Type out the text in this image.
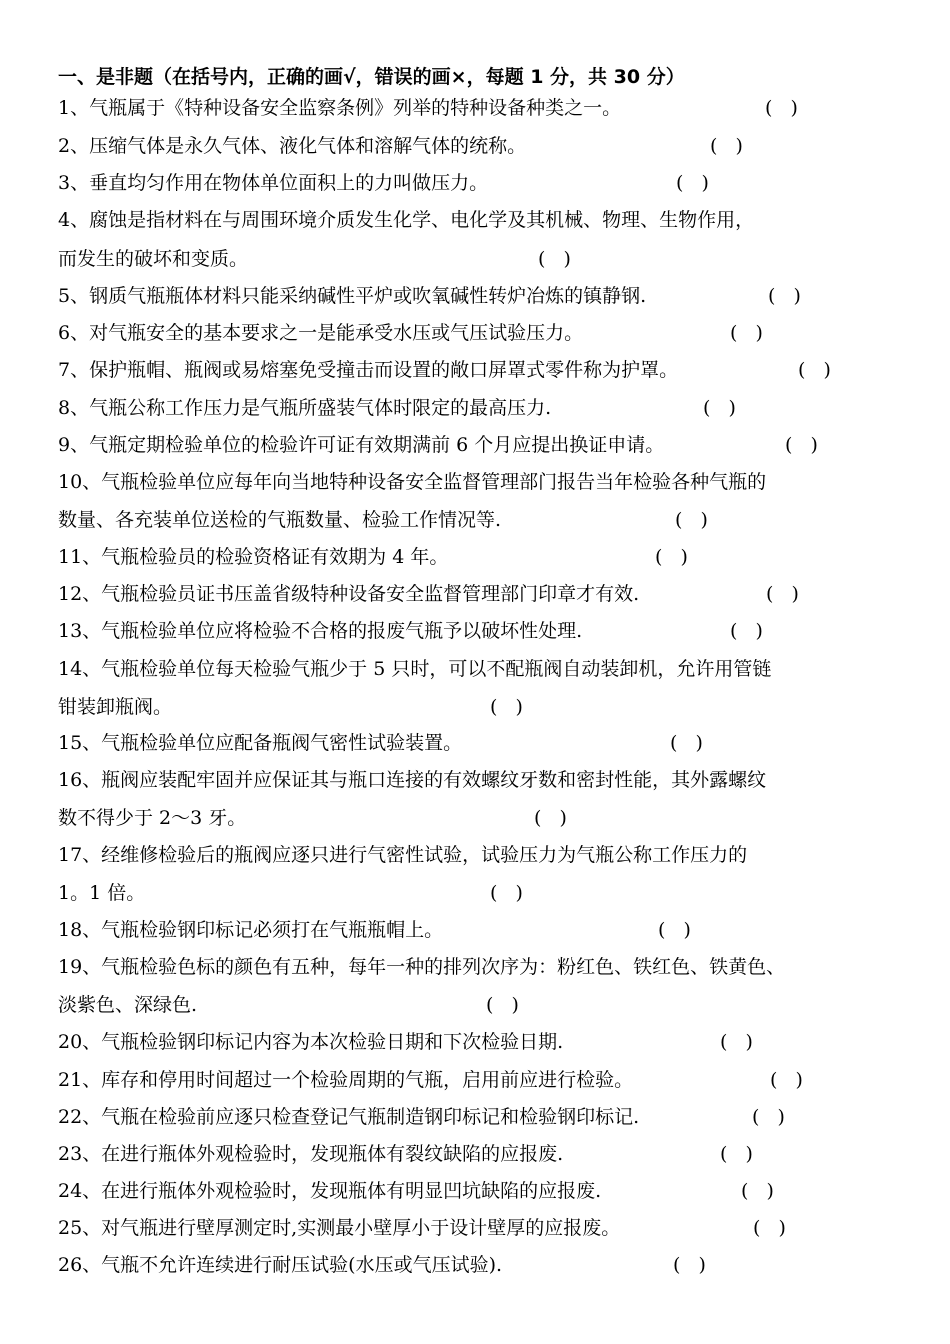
一、是非题（在括号内，正确的画√，错误的画×，每题 1 分，共 30 分）
1、气瓶属于《特种设备安全监察条例》列举的特种设备种类之一。	(   )
2、压缩气体是永久气体、液化气体和溶解气体的统称。	(   )
3、垂直均匀作用在物体单位面积上的力叫做压力。	(   )
4、腐蚀是指材料在与周围环境介质发生化学、电化学及其机械、物理、生物作用，
而发生的破坏和变质。	(   )
5、钢质气瓶瓶体材料只能采纳碱性平炉或吹氧碱性转炉冶炼的镇静钢.	(   )
6、对气瓶安全的基本要求之一是能承受水压或气压试验压力。	(   )
7、保护瓶帽、瓶阀或易熔塞免受撞击而设置的敞口屏罩式零件称为护罩。	(   )
8、气瓶公称工作压力是气瓶所盛装气体时限定的最高压力.	(   )
9、气瓶定期检验单位的检验许可证有效期满前 6 个月应提出换证申请。	(   )
10、气瓶检验单位应每年向当地特种设备安全监督管理部门报告当年检验各种气瓶的
数量、各充装单位送检的气瓶数量、检验工作情况等.	(   )
11、气瓶检验员的检验资格证有效期为 4 年。	(   )
12、气瓶检验员证书压盖省级特种设备安全监督管理部门印章才有效.	(   )
13、气瓶检验单位应将检验不合格的报废气瓶予以破坏性处理.	(   )
14、气瓶检验单位每天检验气瓶少于 5 只时，可以不配瓶阀自动装卸机，允许用管链
钳装卸瓶阀。	(   )
15、气瓶检验单位应配备瓶阀气密性试验装置。	(   )
16、瓶阀应装配牢固并应保证其与瓶口连接的有效螺纹牙数和密封性能，其外露螺纹
数不得少于 2～3 牙。	(   )
17、经维修检验后的瓶阀应逐只进行气密性试验，试验压力为气瓶公称工作压力的
1。1 倍。	(   )
18、气瓶检验钢印标记必须打在气瓶瓶帽上。	(   )
19、气瓶检验色标的颜色有五种，每年一种的排列次序为：粉红色、铁红色、铁黄色、
淡紫色、深绿色.	(   )
20、气瓶检验钢印标记内容为本次检验日期和下次检验日期.	(   )
21、库存和停用时间超过一个检验周期的气瓶，启用前应进行检验。	(   )
22、气瓶在检验前应逐只检查登记气瓶制造钢印标记和检验钢印标记.	(   )
23、在进行瓶体外观检验时，发现瓶体有裂纹缺陷的应报废.	(   )
24、在进行瓶体外观检验时，发现瓶体有明显凹坑缺陷的应报废.	(   )
25、对气瓶进行壁厚测定时,实测最小壁厚小于设计壁厚的应报废。	(   )
26、气瓶不允许连续进行耐压试验(水压或气压试验).	(   )
